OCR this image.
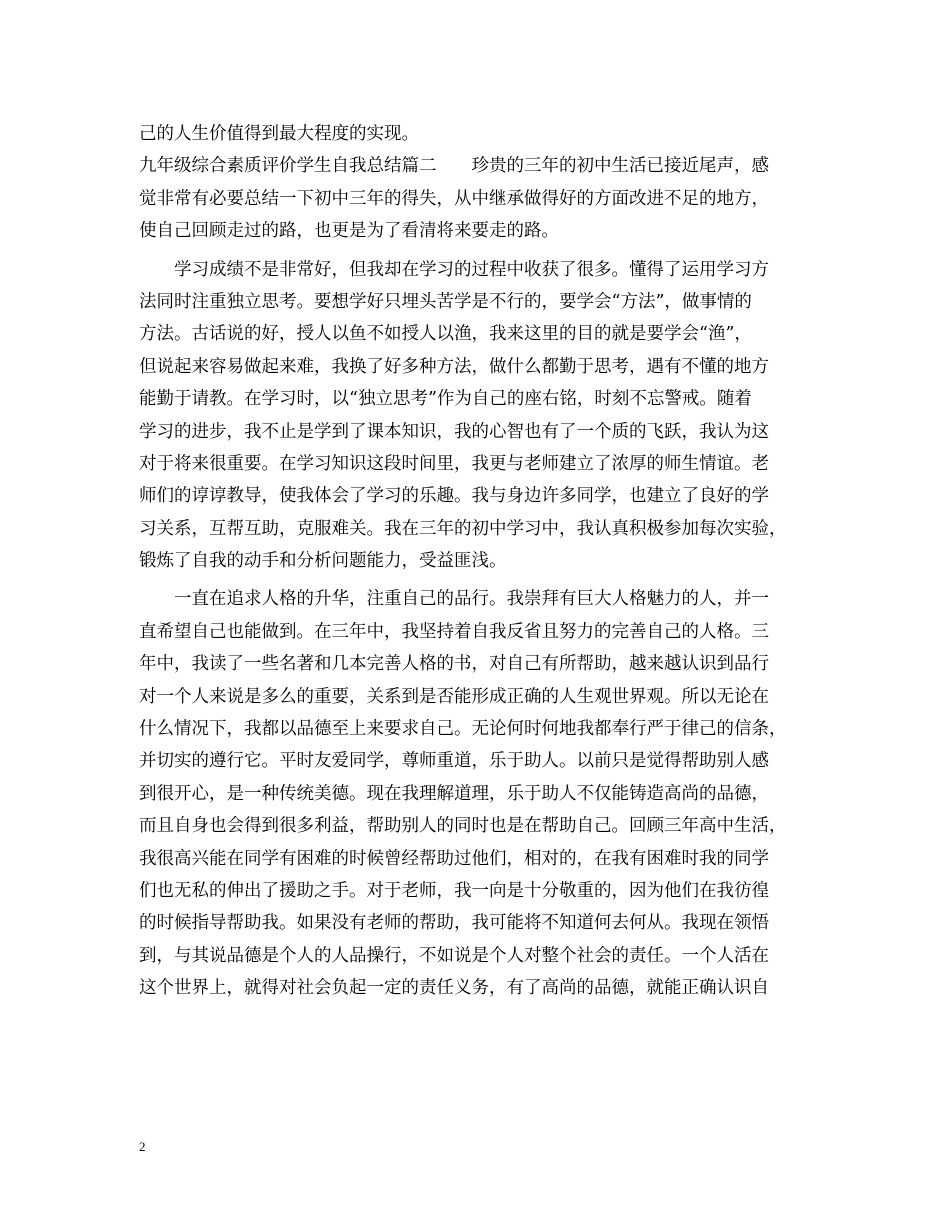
己的人生价值得到最大程度的实现。
九年级综合素质评价学生自我总结篇二　　珍贵的三年的初中生活已接近尾声，感
觉非常有必要总结一下初中三年的得失，从中继承做得好的方面改进不足的地方，
使自己回顾走过的路，也更是为了看清将来要走的路。
　　学习成绩不是非常好，但我却在学习的过程中收获了很多。懂得了运用学习方
法同时注重独立思考。要想学好只埋头苦学是不行的，要学会“方法”，做事情的
方法。古话说的好，授人以鱼不如授人以渔，我来这里的目的就是要学会“渔”，
但说起来容易做起来难，我换了好多种方法，做什么都勤于思考，遇有不懂的地方
能勤于请教。在学习时，以“独立思考”作为自己的座右铭，时刻不忘警戒。随着
学习的进步，我不止是学到了课本知识，我的心智也有了一个质的飞跃，我认为这
对于将来很重要。在学习知识这段时间里，我更与老师建立了浓厚的师生情谊。老
师们的谆谆教导，使我体会了学习的乐趣。我与身边许多同学，也建立了良好的学
习关系，互帮互助，克服难关。我在三年的初中学习中，我认真积极参加每次实验，
锻炼了自我的动手和分析问题能力，受益匪浅。
　　一直在追求人格的升华，注重自己的品行。我崇拜有巨大人格魅力的人，并一
直希望自己也能做到。在三年中，我坚持着自我反省且努力的完善自己的人格。三
年中，我读了一些名著和几本完善人格的书，对自己有所帮助，越来越认识到品行
对一个人来说是多么的重要，关系到是否能形成正确的人生观世界观。所以无论在
什么情况下，我都以品德至上来要求自己。无论何时何地我都奉行严于律己的信条，
并切实的遵行它。平时友爱同学，尊师重道，乐于助人。以前只是觉得帮助别人感
到很开心，是一种传统美德。现在我理解道理，乐于助人不仅能铸造高尚的品德，
而且自身也会得到很多利益，帮助别人的同时也是在帮助自己。回顾三年高中生活，
我很高兴能在同学有困难的时候曾经帮助过他们，相对的，在我有困难时我的同学
们也无私的伸出了援助之手。对于老师，我一向是十分敬重的，因为他们在我彷徨
的时候指导帮助我。如果没有老师的帮助，我可能将不知道何去何从。我现在领悟
到，与其说品德是个人的人品操行，不如说是个人对整个社会的责任。一个人活在
这个世界上，就得对社会负起一定的责任义务，有了高尚的品德，就能正确认识自
2
